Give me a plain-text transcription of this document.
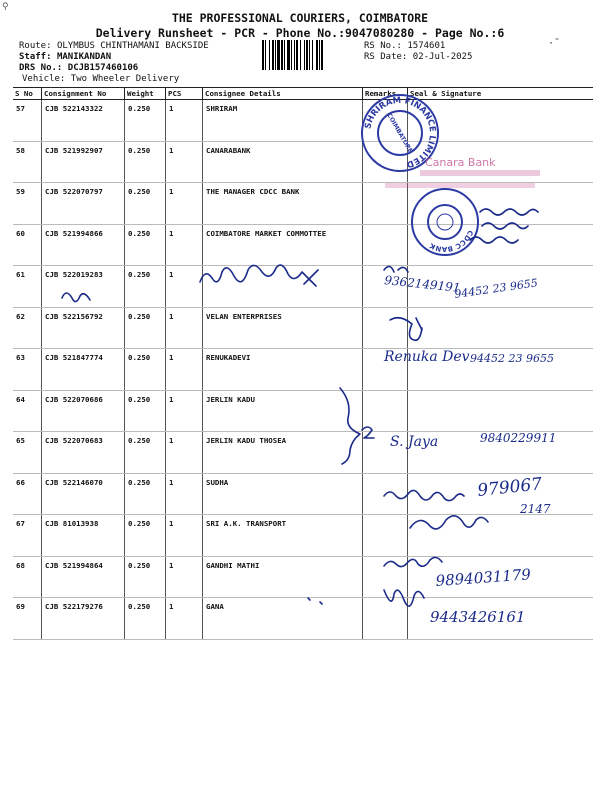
⚲
THE PROFESSIONAL COURIERS, COIMBATORE
Delivery Runsheet - PCR - Phone No.:9047080280 - Page No.:6
Route: OLYMBUS CHINTHAMANI BACKSIDE
Staff: MANIKANDAN
DRS No.: DCJB157460106
Vehicle: Two Wheeler Delivery
RS No.: 1574601
RS Date: 02-Jul-2025
·˘
S No	Consignment No	Weight	PCS	Consignee Details	Remarks	Seal & Signature
57	CJB 522143322	0.250	1	SHRIRAM		
58	CJB 521992907	0.250	1	CANARABANK		
59	CJB 522070797	0.250	1	THE MANAGER CDCC BANK		
60	CJB 521994866	0.250	1	COIMBATORE MARKET COMMOTTEE		
61	CJB 522019283	0.250	1			
62	CJB 522156792	0.250	1	VELAN ENTERPRISES		
63	CJB 521847774	0.250	1	RENUKADEVI		
64	CJB 522070686	0.250	1	JERLIN KADU		
65	CJB 522070683	0.250	1	JERLIN KADU THOSEA		
66	CJB 522146070	0.250	1	SUDHA		
67	CJB 81013938	0.250	1	SRI A.K. TRANSPORT		
68	CJB 521994864	0.250	1	GANDHI MATHI		
69	CJB 522179276	0.250	1	GANA		
SHRIRAM FINANCE LIMITED
COIMBATORE
Canara Bank
CDCC BANK
9362149191
94452 23 9655
Renuka Dev 94452 23 9655
S. Jaya	9840229911
979067
2147
9894031179
9443426161
